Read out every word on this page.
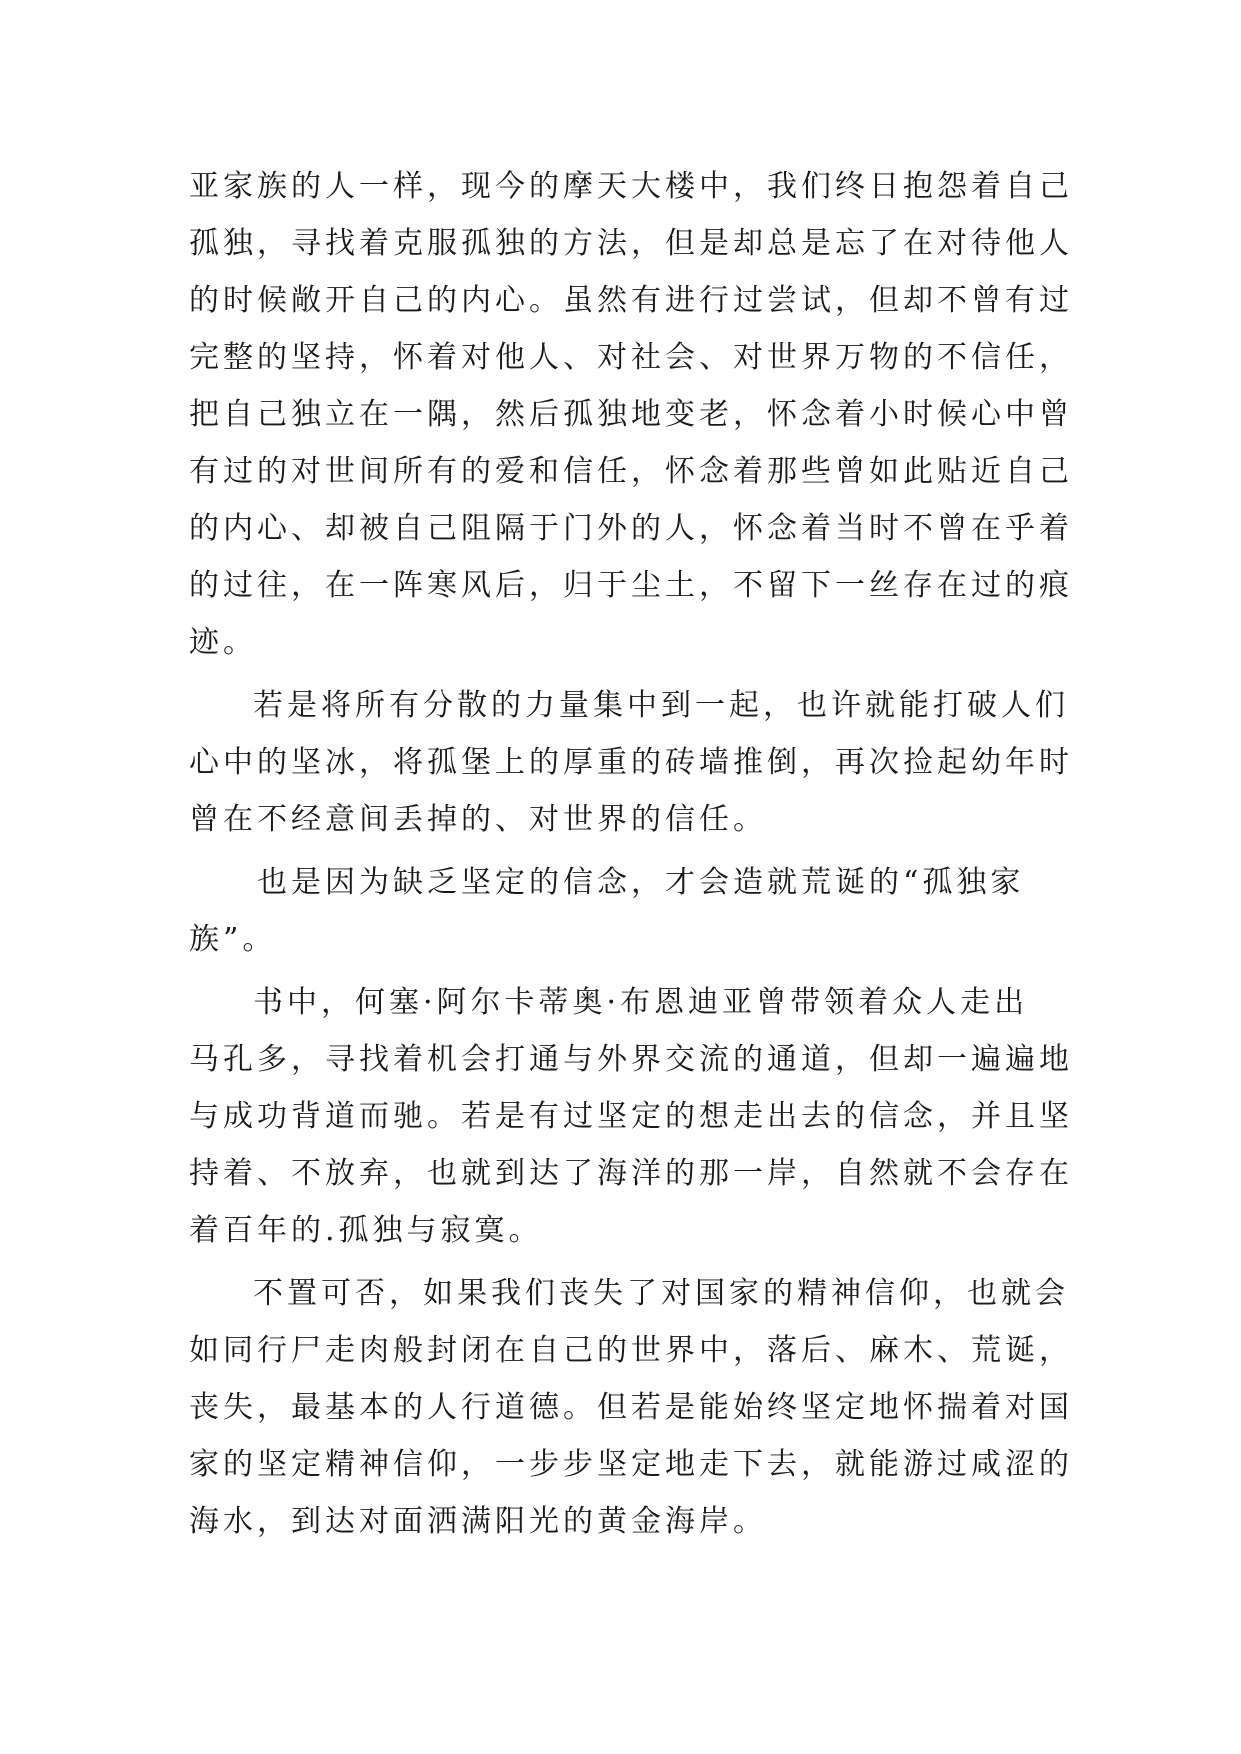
亚家族的人一样，现今的摩天大楼中，我们终日抱怨着自己
孤独，寻找着克服孤独的方法，但是却总是忘了在对待他人
的时候敞开自己的内心。虽然有进行过尝试，但却不曾有过
完整的坚持，怀着对他人、对社会、对世界万物的不信任，
把自己独立在一隅，然后孤独地变老，怀念着小时候心中曾
有过的对世间所有的爱和信任，怀念着那些曾如此贴近自己
的内心、却被自己阻隔于门外的人，怀念着当时不曾在乎着
的过往，在一阵寒风后，归于尘土，不留下一丝存在过的痕
迹。
若是将所有分散的力量集中到一起，也许就能打破人们
心中的坚冰，将孤堡上的厚重的砖墙推倒，再次捡起幼年时
曾在不经意间丢掉的、对世界的信任。
也是因为缺乏坚定的信念，才会造就荒诞的“孤独家
族”。
书中，何塞·阿尔卡蒂奥·布恩迪亚曾带领着众人走出
马孔多，寻找着机会打通与外界交流的通道，但却一遍遍地
与成功背道而驰。若是有过坚定的想走出去的信念，并且坚
持着、不放弃，也就到达了海洋的那一岸，自然就不会存在
着百年的.孤独与寂寞。
不置可否，如果我们丧失了对国家的精神信仰，也就会
如同行尸走肉般封闭在自己的世界中，落后、麻木、荒诞，
丧失，最基本的人行道德。但若是能始终坚定地怀揣着对国
家的坚定精神信仰，一步步坚定地走下去，就能游过咸涩的
海水，到达对面洒满阳光的黄金海岸。
